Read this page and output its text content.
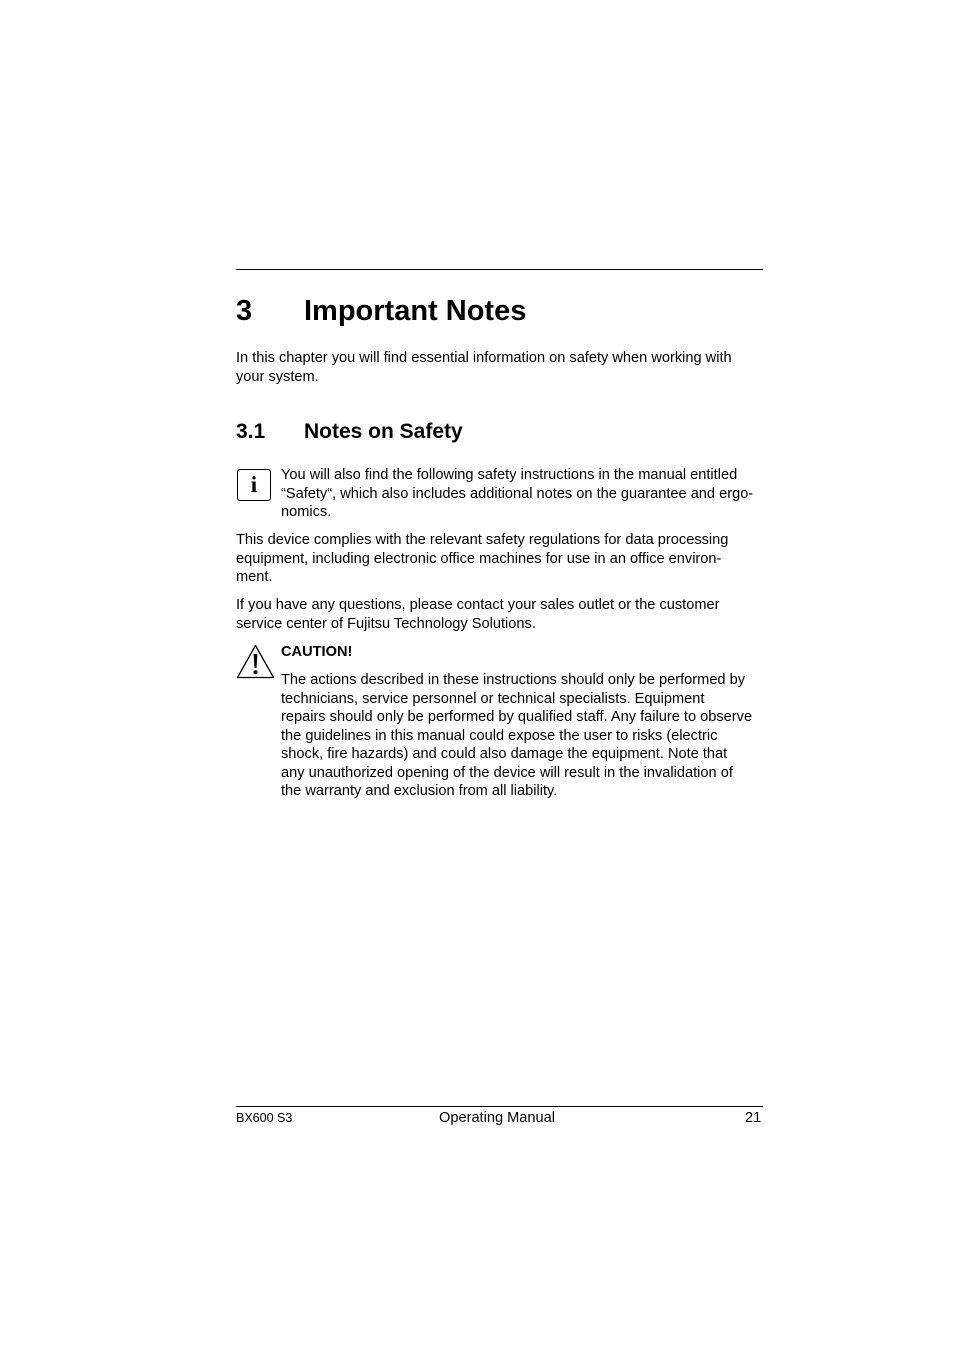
3 Important Notes
In this chapter you will find essential information on safety when working with
your system.
3.1 Notes on Safety
i	You will also find the following safety instructions in the manual entitled
“Safety“, which also includes additional notes on the guarantee and ergo-
nomics.
This device complies with the relevant safety regulations for data processing
equipment, including electronic office machines for use in an office environ-
ment.
If you have any questions, please contact your sales outlet or the customer
service center of Fujitsu Technology Solutions.
CAUTION!
The actions described in these instructions should only be performed by
technicians, service personnel or technical specialists. Equipment
repairs should only be performed by qualified staff. Any failure to observe
the guidelines in this manual could expose the user to risks (electric
shock, fire hazards) and could also damage the equipment. Note that
any unauthorized opening of the device will result in the invalidation of
the warranty and exclusion from all liability.
BX600 S3	Operating Manual	21
